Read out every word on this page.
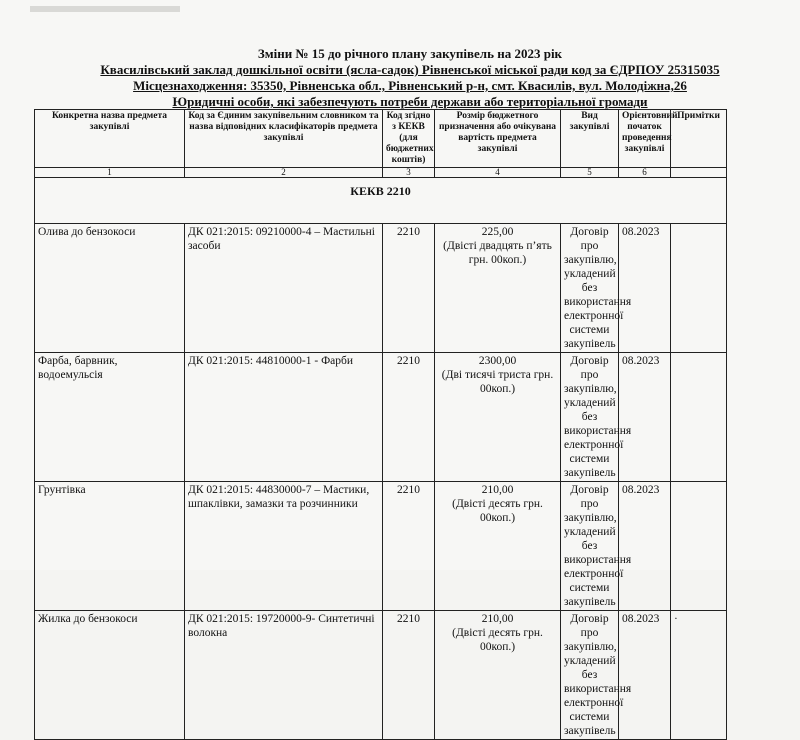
Зміни № 15 до річного плану закупівель на 2023 рік
Квасилівський заклад дошкільної освіти (ясла-садок) Рівненської міської ради код за ЄДРПОУ 25315035
Місцезнаходження: 35350, Рівненська обл., Рівненський р-н, смт. Квасилів, вул. Молодіжна,26
Юридичні особи, які забезпечують потреби держави або територіальної громади
Конкретна назва предмета закупівлі	Код за Єдиним закупівельним словником та назва відповідних класифікаторів предмета закупівлі	Код згідно з КЕКВ (для бюджетних коштів)	Розмір бюджетного призначення або очікувана вартість предмета закупівлі	Вид закупівлі	Орієнтовний початок проведення закупівлі	Примітки
1	2	3	4	5	6	
КЕКВ 2210						
Олива до бензокоси	ДК 021:2015: 09210000-4 – Мастильні засоби	2210	225,00
(Двісті двадцять п’ять грн. 00коп.)	Договір про закупівлю, укладений без використання електронної системи закупівель	08.2023	
Фарба, барвник, водоемульсія	ДК 021:2015: 44810000-1 - Фарби	2210	2300,00
(Дві тисячі триста грн. 00коп.)	Договір про закупівлю, укладений без використання електронної системи закупівель	08.2023	
Грунтівка	ДК 021:2015: 44830000-7 – Мастики, шпаклівки, замазки та розчинники	2210	210,00
(Двісті десять грн. 00коп.)	Договір про закупівлю, укладений без використання електронної системи закупівель	08.2023	
Жилка до бензокоси	ДК 021:2015: 19720000-9- Синтетичні волокна	2210	210,00
(Двісті десять грн. 00коп.)	Договір про закупівлю, укладений без використання електронної системи закупівель	08.2023	·
